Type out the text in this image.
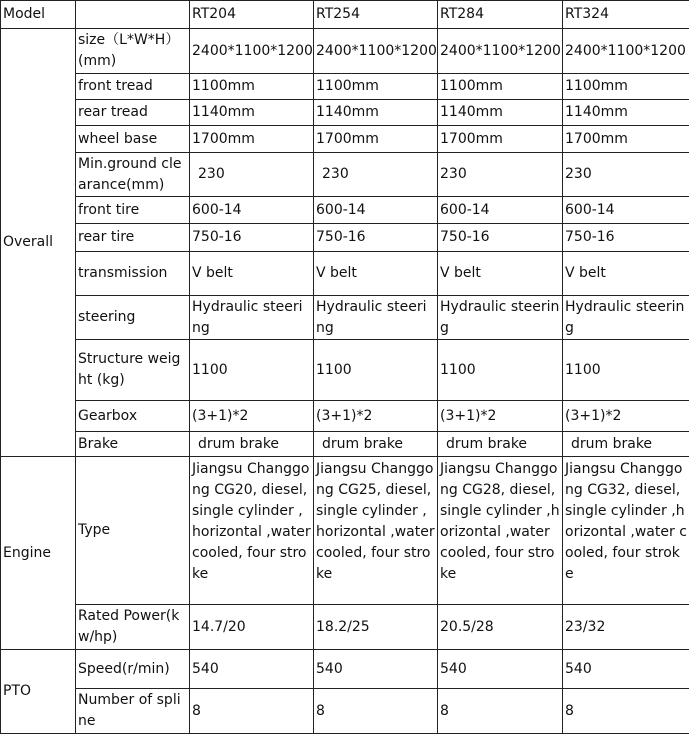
Model		RT204	RT254	RT284	RT324
Overall	size（L*W*H）(mm)	2400*1100*1200	2400*1100*1200	2400*1100*1200	2400*1100*1200
	front tread	1100mm	1100mm	1100mm	1100mm
	rear tread	1140mm	1140mm	1140mm	1140mm
	wheel base	1700mm	1700mm	1700mm	1700mm
	Min.ground clearance(mm)	230	230	230	230
	front tire	600-14	600-14	600-14	600-14
	rear tire	750-16	750-16	750-16	750-16
	transmission	V belt	V belt	V belt	V belt
	steering	Hydraulic steering	Hydraulic steering	Hydraulic steering	Hydraulic steering
	Structure weight (kg)	1100	1100	1100	1100
	Gearbox	(3+1)*2	(3+1)*2	(3+1)*2	(3+1)*2
	Brake	drum brake	drum brake	drum brake	drum brake
Engine	Type	Jiangsu Changgong CG20, diesel,single cylinder ,horizontal ,water cooled, four stroke	Jiangsu Changgong CG25, diesel,single cylinder ,horizontal ,water cooled, four stroke	Jiangsu Changgong CG28, diesel,single cylinder ,horizontal ,water cooled, four stroke	Jiangsu Changgong CG32, diesel,single cylinder ,horizontal ,water cooled, four stroke
	Rated Power(kw/hp)	14.7/20	18.2/25	20.5/28	23/32
PTO	Speed(r/min)	540	540	540	540
	Number of spline	8	8	8	8
